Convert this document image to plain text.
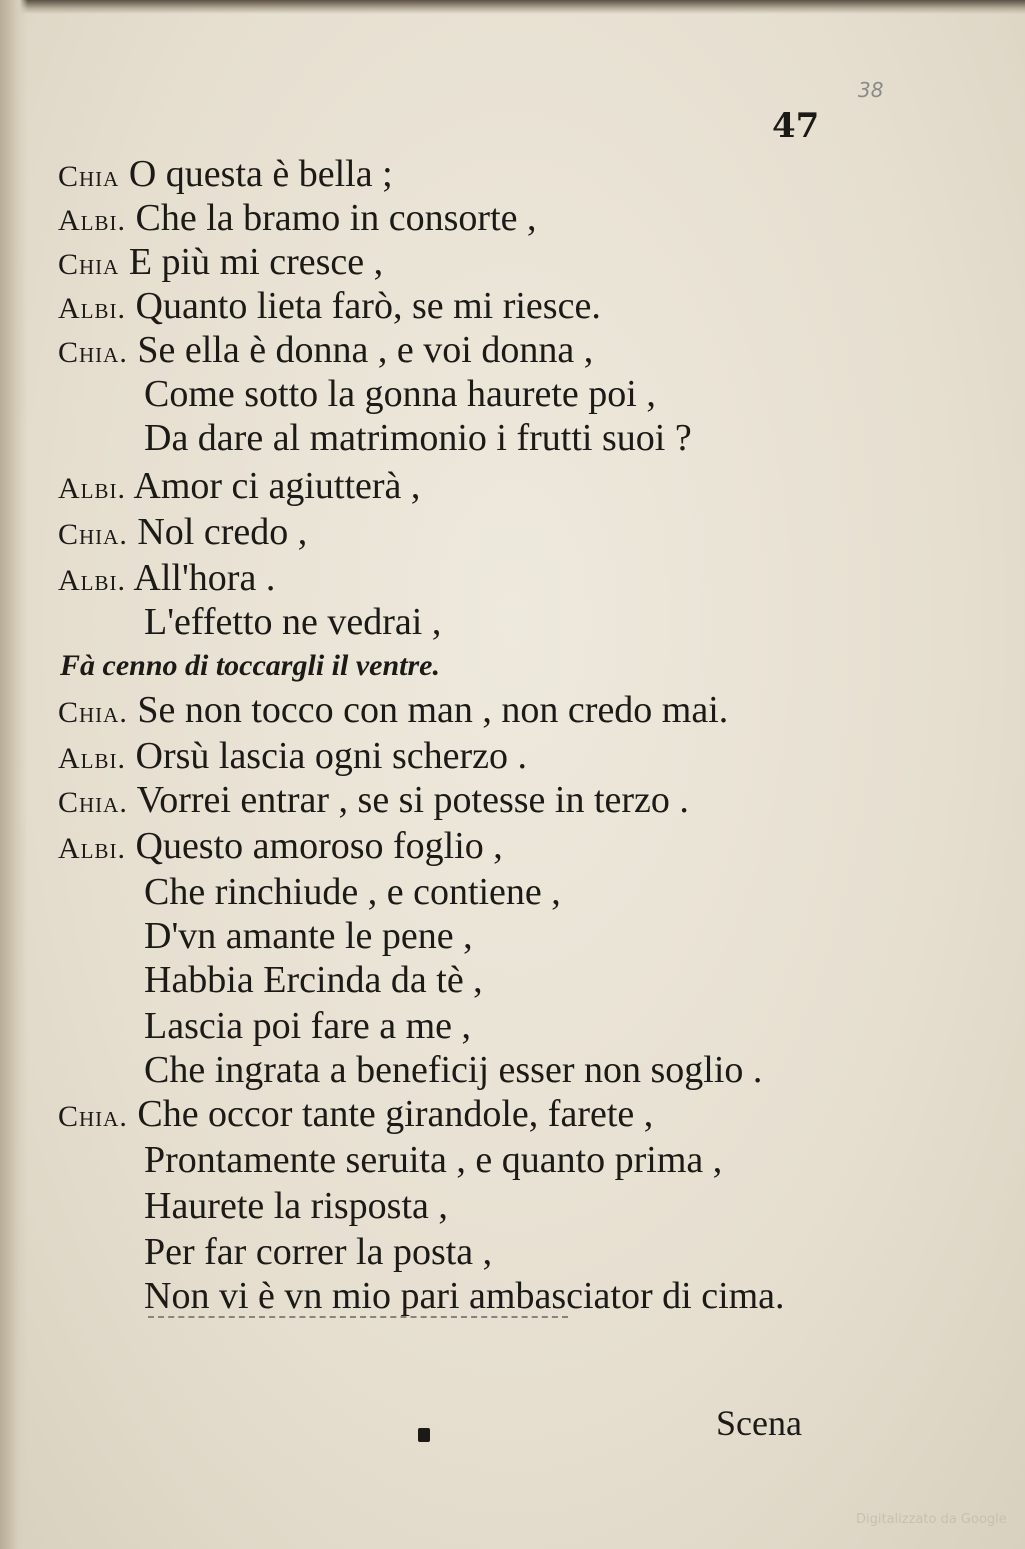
38
47
Chia O questa è bella ;
Albi. Che la bramo in consorte ,
Chia E più mi cresce ,
Albi. Quanto lieta farò, se mi riesce.
Chia. Se ella è donna , e voi donna ,
Come sotto la gonna haurete poi ,
Da dare al matrimonio i frutti suoi ?
Albi. Amor ci agiutterà ,
Chia. Nol credo ,
Albi. All'hora .
L'effetto ne vedrai ,
Fà cenno di toccargli il ventre.
Chia. Se non tocco con man , non credo mai.
Albi. Orsù lascia ogni scherzo .
Chia. Vorrei entrar , se si potesse in terzo .
Albi. Questo amoroso foglio ,
Che rinchiude , e contiene ,
D'vn amante le pene ,
Habbia Ercinda da tè ,
Lascia poi fare a me ,
Che ingrata a beneficij esser non soglio .
Chia. Che occor tante girandole, farete ,
Prontamente seruita , e quanto prima ,
Haurete la risposta ,
Per far correr la posta ,
Non vi è vn mio pari ambasciator di cima.
Scena
Digitalizzato da Google
